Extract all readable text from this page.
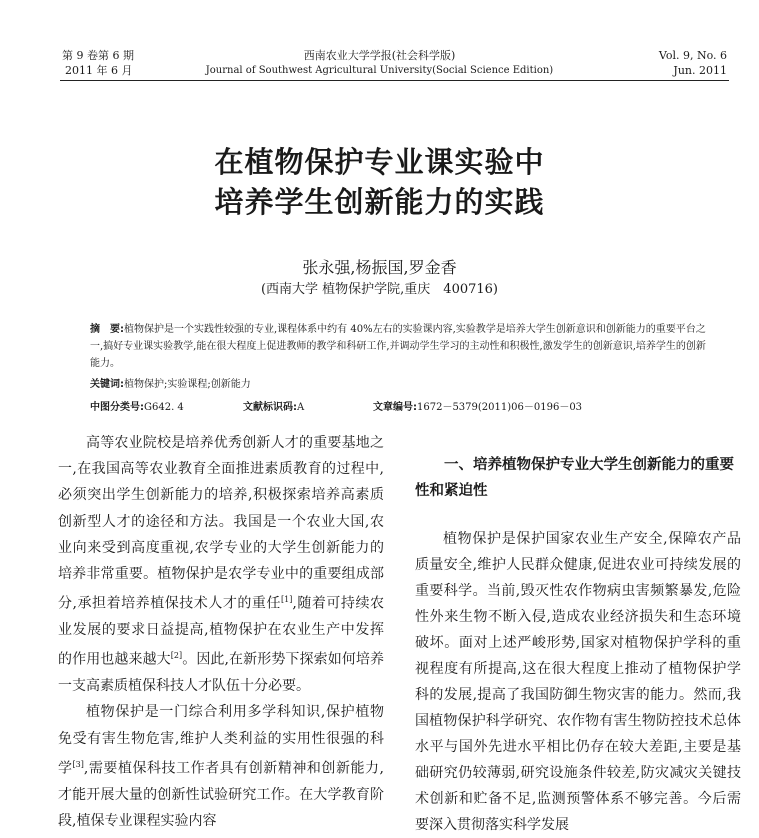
第 9 卷第 6 期
2011 年 6 月
西南农业大学学报(社会科学版)
Journal of Southwest Agricultural University(Social Science Edition)
Vol. 9, No. 6
Jun. 2011
在植物保护专业课实验中
培养学生创新能力的实践
张永强,杨振国,罗金香
(西南大学 植物保护学院,重庆　400716)
摘　要:植物保护是一个实践性较强的专业,课程体系中约有 40%左右的实验课内容,实验教学是培养大学生创新意识和创新能力的重要平台之一,搞好专业课实验教学,能在很大程度上促进教师的教学和科研工作,并调动学生学习的主动性和积极性,激发学生的创新意识,培养学生的创新能力。
关键词:植物保护;实验课程;创新能力
中图分类号:G642. 4	文献标识码:A	文章编号:1672－5379(2011)06－0196－03

高等农业院校是培养优秀创新人才的重要基地之一,在我国高等农业教育全面推进素质教育的过程中,必须突出学生创新能力的培养,积极探索培养高素质创新型人才的途径和方法。我国是一个农业大国,农业向来受到高度重视,农学专业的大学生创新能力的培养非常重要。植物保护是农学专业中的重要组成部分,承担着培养植保技术人才的重任[1],随着可持续农业发展的要求日益提高,植物保护在农业生产中发挥的作用也越来越大[2]。因此,在新形势下探索如何培养一支高素质植保科技人才队伍十分必要。

植物保护是一门综合利用多学科知识,保护植物免受有害生物危害,维护人类利益的实用性很强的科学[3],需要植保科技工作者具有创新精神和创新能力,才能开展大量的创新性试验研究工作。在大学教育阶段,植保专业课程实验内容

一、培养植物保护专业大学生创新能力的重要性和紧迫性

植物保护是保护国家农业生产安全,保障农产品质量安全,维护人民群众健康,促进农业可持续发展的重要科学。当前,毁灭性农作物病虫害频繁暴发,危险性外来生物不断入侵,造成农业经济损失和生态环境破坏。面对上述严峻形势,国家对植物保护学科的重视程度有所提高,这在很大程度上推动了植物保护学科的发展,提高了我国防御生物灾害的能力。然而,我国植物保护科学研究、农作物有害生物防控技术总体水平与国外先进水平相比仍存在较大差距,主要是基础研究仍较薄弱,研究设施条件较差,防灾减灾关键技术创新和贮备不足,监测预警体系不够完善。今后需要深入贯彻落实科学发展
